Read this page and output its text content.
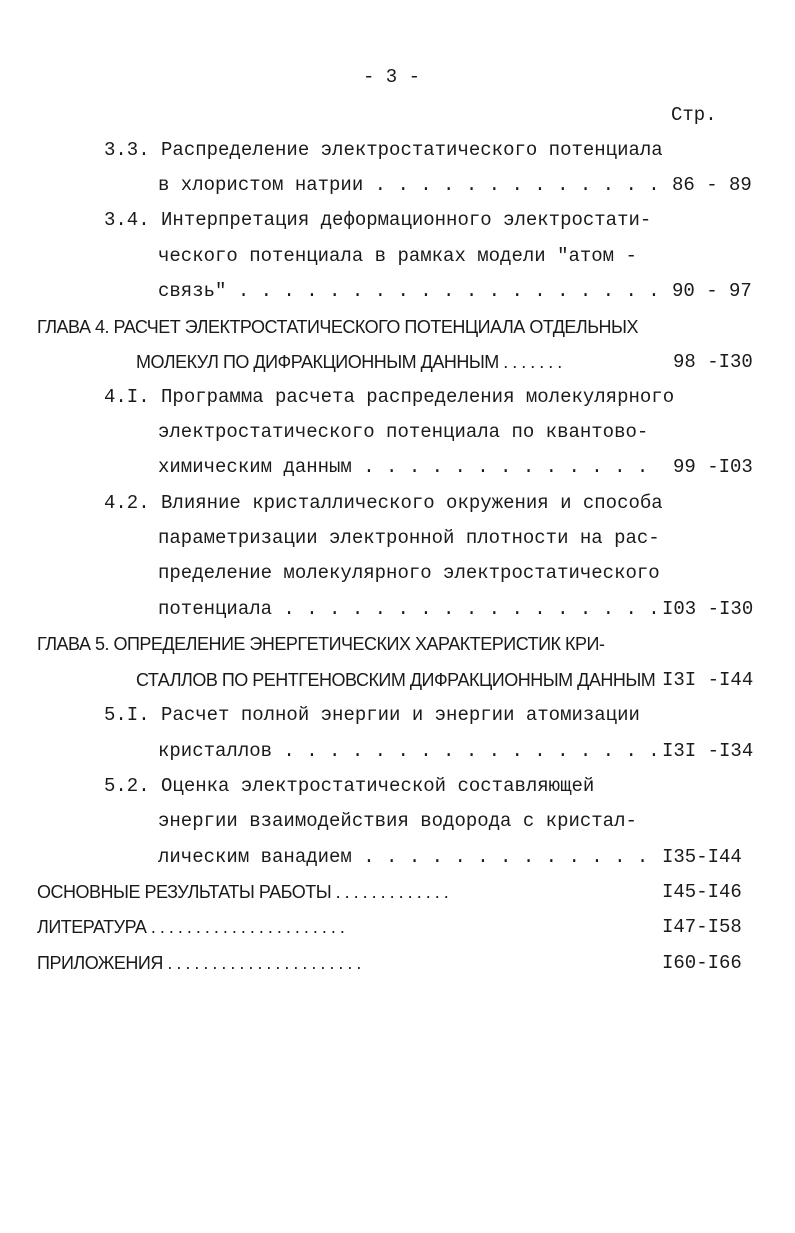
- 3 -
Стр.
3.3. Распределение электростатического потенциала
в хлористом натрии . . . . . . . . . . . . . 86 - 89
3.4. Интерпретация деформационного электростати-
ческого потенциала в рамках модели "атом -
связь" . . . . . . . . . . . . . . . . . . . 90 - 97
ГЛАВА 4. РАСЧЕТ ЭЛЕКТРОСТАТИЧЕСКОГО ПОТЕНЦИАЛА ОТДЕЛЬНЫХ
МОЛЕКУЛ ПО ДИФРАКЦИОННЫМ ДАННЫМ . . . . . . .	98 -I30
4.I. Программа расчета распределения молекулярного
электростатического потенциала по квантово-
химическим данным . . . . . . . . . . . . . 99 -I03
4.2. Влияние кристаллического окружения и способа
параметризации электронной плотности на рас-
пределение молекулярного электростатического
потенциала . . . . . . . . . . . . . . . . . I03 -I30
ГЛАВА 5. ОПРЕДЕЛЕНИЕ ЭНЕРГЕТИЧЕСКИХ ХАРАКТЕРИСТИК КРИ-
СТАЛЛОВ ПО РЕНТГЕНОВСКИМ ДИФРАКЦИОННЫМ ДАННЫМ I3I -I44
5.I. Расчет полной энергии и энергии атомизации
кристаллов . . . . . . . . . . . . . . . . . I3I -I34
5.2. Оценка электростатической составляющей
энергии взаимодействия водорода с кристал-
лическим ванадием . . . . . . . . . . . . . I35-I44
ОСНОВНЫЕ РЕЗУЛЬТАТЫ РАБОТЫ . . . . . . . . . . . . .	I45-I46
ЛИТЕРАТУРА . . . . . . . . . . . . . . . . . . . . . .	I47-I58
ПРИЛОЖЕНИЯ . . . . . . . . . . . . . . . . . . . . . .	I60-I66
